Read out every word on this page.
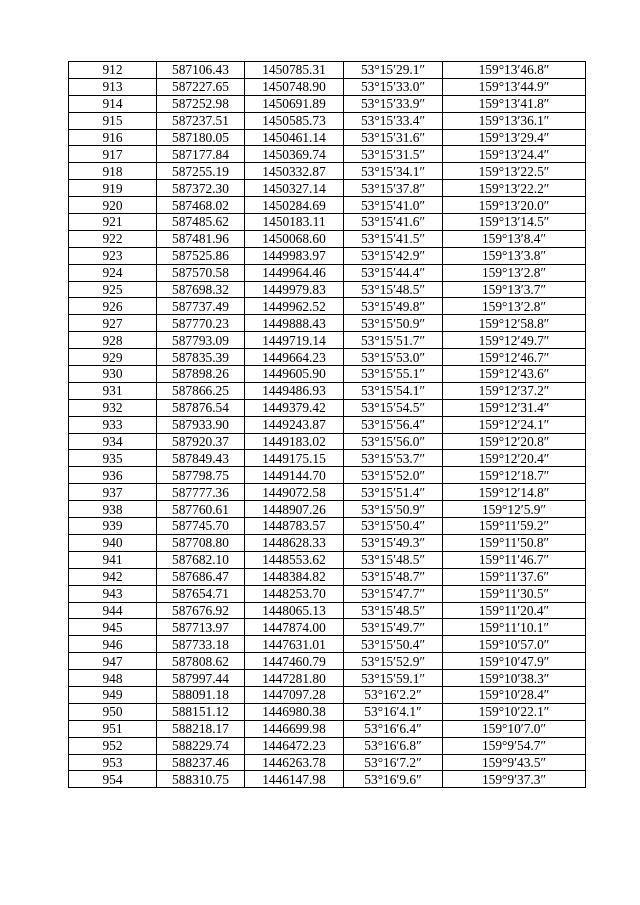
912	587106.43	1450785.31	53°15′29.1″	159°13′46.8″
913	587227.65	1450748.90	53°15′33.0″	159°13′44.9″
914	587252.98	1450691.89	53°15′33.9″	159°13′41.8″
915	587237.51	1450585.73	53°15′33.4″	159°13′36.1″
916	587180.05	1450461.14	53°15′31.6″	159°13′29.4″
917	587177.84	1450369.74	53°15′31.5″	159°13′24.4″
918	587255.19	1450332.87	53°15′34.1″	159°13′22.5″
919	587372.30	1450327.14	53°15′37.8″	159°13′22.2″
920	587468.02	1450284.69	53°15′41.0″	159°13′20.0″
921	587485.62	1450183.11	53°15′41.6″	159°13′14.5″
922	587481.96	1450068.60	53°15′41.5″	159°13′8.4″
923	587525.86	1449983.97	53°15′42.9″	159°13′3.8″
924	587570.58	1449964.46	53°15′44.4″	159°13′2.8″
925	587698.32	1449979.83	53°15′48.5″	159°13′3.7″
926	587737.49	1449962.52	53°15′49.8″	159°13′2.8″
927	587770.23	1449888.43	53°15′50.9″	159°12′58.8″
928	587793.09	1449719.14	53°15′51.7″	159°12′49.7″
929	587835.39	1449664.23	53°15′53.0″	159°12′46.7″
930	587898.26	1449605.90	53°15′55.1″	159°12′43.6″
931	587866.25	1449486.93	53°15′54.1″	159°12′37.2″
932	587876.54	1449379.42	53°15′54.5″	159°12′31.4″
933	587933.90	1449243.87	53°15′56.4″	159°12′24.1″
934	587920.37	1449183.02	53°15′56.0″	159°12′20.8″
935	587849.43	1449175.15	53°15′53.7″	159°12′20.4″
936	587798.75	1449144.70	53°15′52.0″	159°12′18.7″
937	587777.36	1449072.58	53°15′51.4″	159°12′14.8″
938	587760.61	1448907.26	53°15′50.9″	159°12′5.9″
939	587745.70	1448783.57	53°15′50.4″	159°11′59.2″
940	587708.80	1448628.33	53°15′49.3″	159°11′50.8″
941	587682.10	1448553.62	53°15′48.5″	159°11′46.7″
942	587686.47	1448384.82	53°15′48.7″	159°11′37.6″
943	587654.71	1448253.70	53°15′47.7″	159°11′30.5″
944	587676.92	1448065.13	53°15′48.5″	159°11′20.4″
945	587713.97	1447874.00	53°15′49.7″	159°11′10.1″
946	587733.18	1447631.01	53°15′50.4″	159°10′57.0″
947	587808.62	1447460.79	53°15′52.9″	159°10′47.9″
948	587997.44	1447281.80	53°15′59.1″	159°10′38.3″
949	588091.18	1447097.28	53°16′2.2″	159°10′28.4″
950	588151.12	1446980.38	53°16′4.1″	159°10′22.1″
951	588218.17	1446699.98	53°16′6.4″	159°10′7.0″
952	588229.74	1446472.23	53°16′6.8″	159°9′54.7″
953	588237.46	1446263.78	53°16′7.2″	159°9′43.5″
954	588310.75	1446147.98	53°16′9.6″	159°9′37.3″
